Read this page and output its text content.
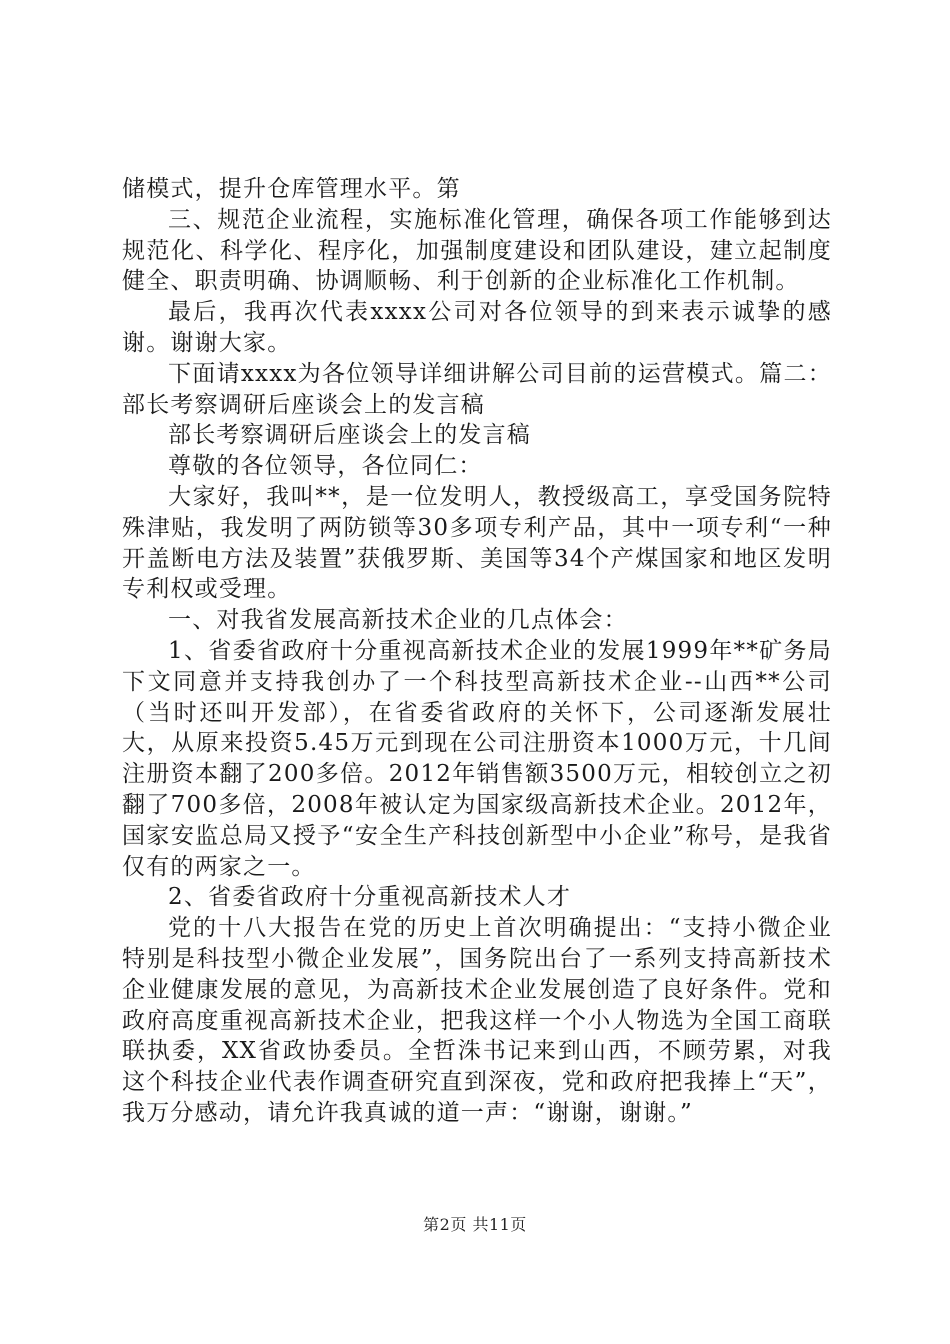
储模式，提升仓库管理水平。第

三、规范企业流程，实施标准化管理，确保各项工作能够到达规范化、科学化、程序化，加强制度建设和团队建设，建立起制度健全、职责明确、协调顺畅、利于创新的企业标准化工作机制。

最后，我再次代表xxxx公司对各位领导的到来表示诚挚的感谢。谢谢大家。

下面请xxxx为各位领导详细讲解公司目前的运营模式。篇二：部长考察调研后座谈会上的发言稿

部长考察调研后座谈会上的发言稿

尊敬的各位领导，各位同仁：

大家好，我叫**，是一位发明人，教授级高工，享受国务院特殊津贴，我发明了两防锁等30多项专利产品，其中一项专利“一种开盖断电方法及装置”获俄罗斯、美国等34个产煤国家和地区发明专利权或受理。

一、对我省发展高新技术企业的几点体会：

1、省委省政府十分重视高新技术企业的发展1999年**矿务局下文同意并支持我创办了一个科技型高新技术企业--山西**公司（当时还叫开发部），在省委省政府的关怀下，公司逐渐发展壮大，从原来投资5.45万元到现在公司注册资本1000万元，十几间注册资本翻了200多倍。2012年销售额3500万元，相较创立之初翻了700多倍，2008年被认定为国家级高新技术企业。2012年，国家安监总局又授予“安全生产科技创新型中小企业”称号，是我省仅有的两家之一。

2、省委省政府十分重视高新技术人才

党的十八大报告在党的历史上首次明确提出：“支持小微企业特别是科技型小微企业发展”，国务院出台了一系列支持高新技术企业健康发展的意见，为高新技术企业发展创造了良好条件。党和政府高度重视高新技术企业，把我这样一个小人物选为全国工商联联执委，XX省政协委员。全哲洙书记来到山西，不顾劳累，对我这个科技企业代表作调查研究直到深夜，党和政府把我捧上“天”，我万分感动，请允许我真诚的道一声：“谢谢，谢谢。”

第2页 共11页
